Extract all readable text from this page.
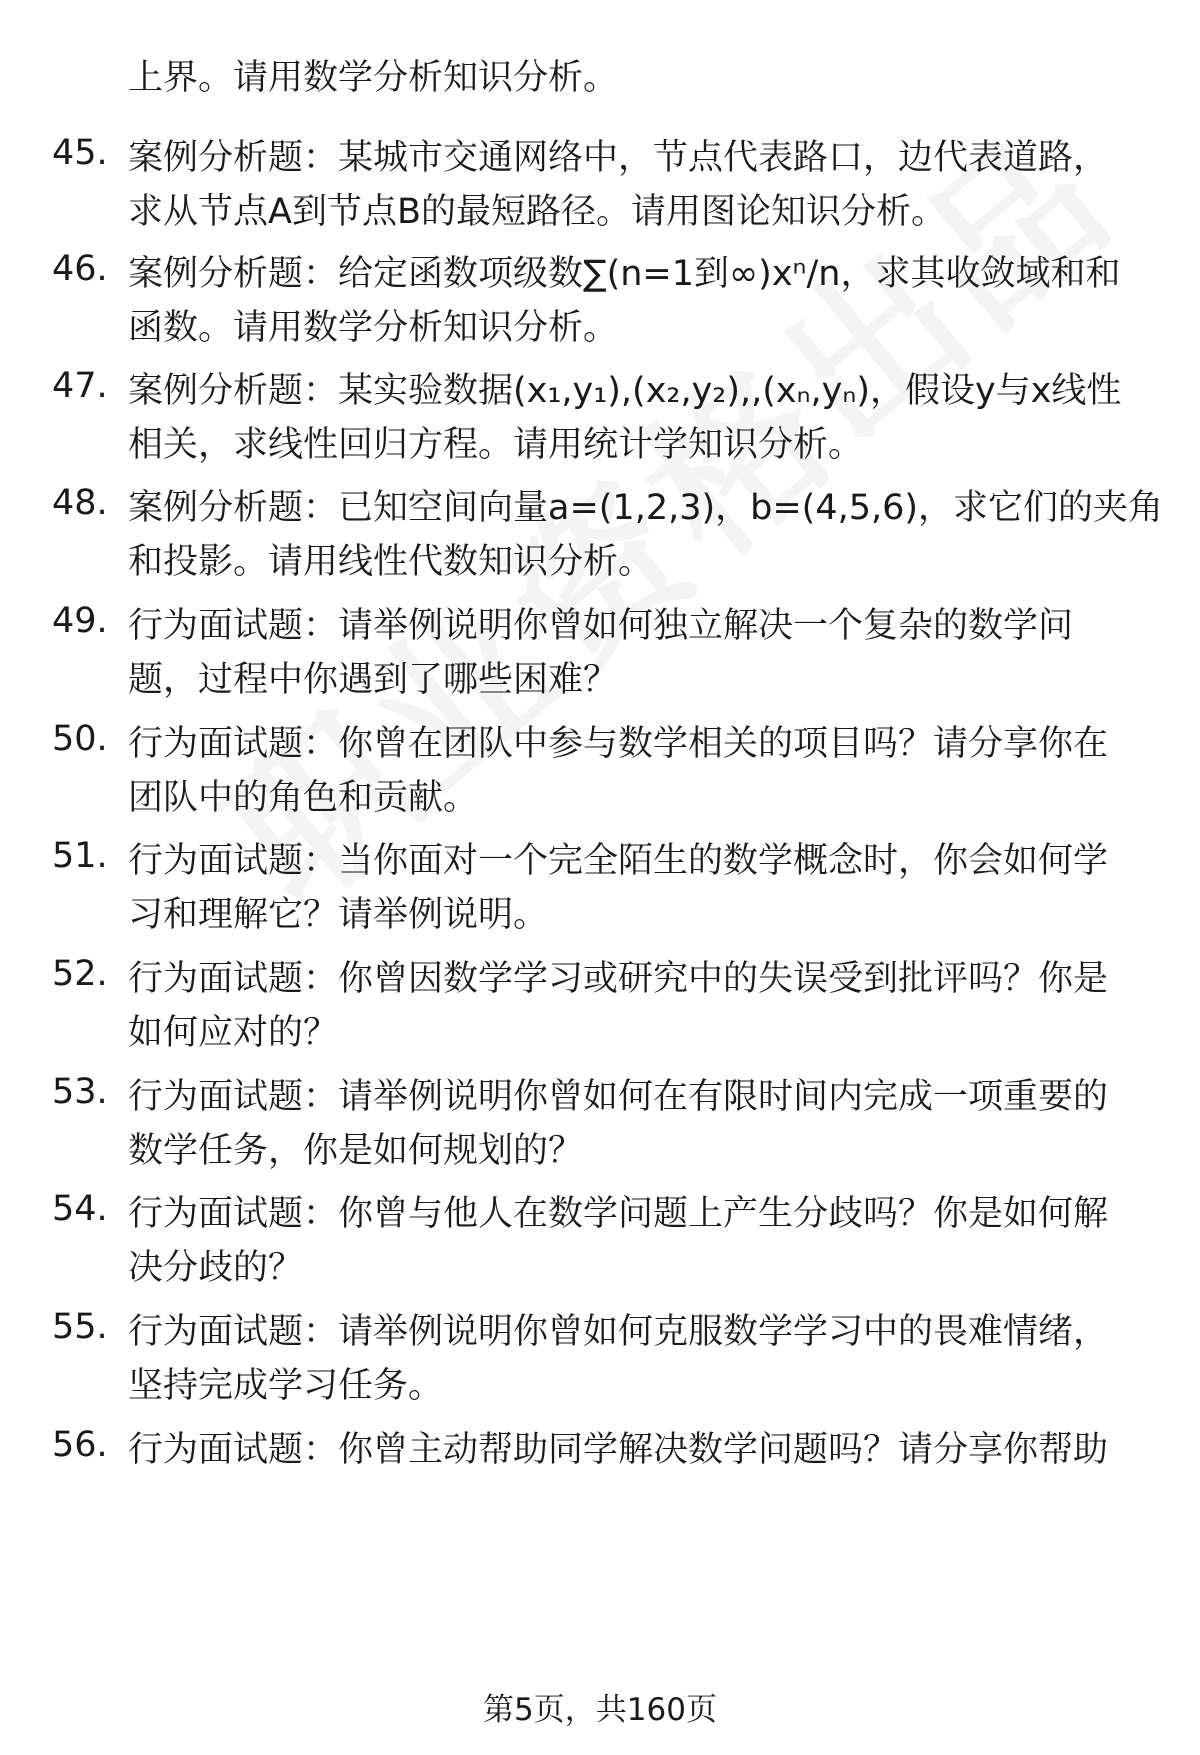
上界。请用数学分析知识分析。
45. 案例分析题：某城市交通网络中，节点代表路口，边代表道路，
求从节点A到节点B的最短路径。请用图论知识分析。
46. 案例分析题：给定函数项级数∑(n=1到∞)xⁿ/n，求其收敛域和和
函数。请用数学分析知识分析。
47. 案例分析题：某实验数据(x₁,y₁),(x₂,y₂),,(xₙ,yₙ)，假设y与x线性
相关，求线性回归方程。请用统计学知识分析。
48. 案例分析题：已知空间向量a=(1,2,3)，b=(4,5,6)，求它们的夹角
和投影。请用线性代数知识分析。
49. 行为面试题：请举例说明你曾如何独立解决一个复杂的数学问
题，过程中你遇到了哪些困难？
50. 行为面试题：你曾在团队中参与数学相关的项目吗？请分享你在
团队中的角色和贡献。
51. 行为面试题：当你面对一个完全陌生的数学概念时，你会如何学
习和理解它？请举例说明。
52. 行为面试题：你曾因数学学习或研究中的失误受到批评吗？你是
如何应对的？
53. 行为面试题：请举例说明你曾如何在有限时间内完成一项重要的
数学任务，你是如何规划的？
54. 行为面试题：你曾与他人在数学问题上产生分歧吗？你是如何解
决分歧的？
55. 行为面试题：请举例说明你曾如何克服数学学习中的畏难情绪，
坚持完成学习任务。
56. 行为面试题：你曾主动帮助同学解决数学问题吗？请分享你帮助
第5页，共160页
